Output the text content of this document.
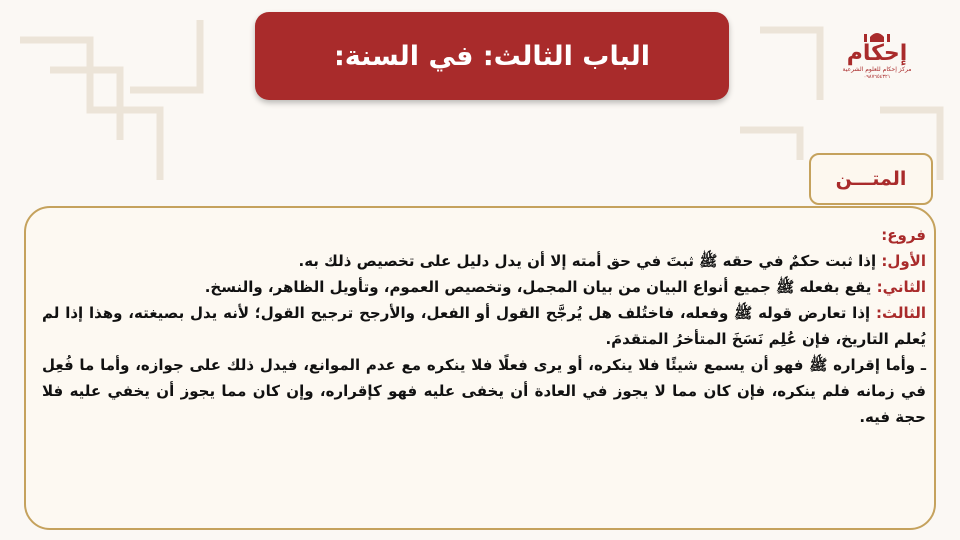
الباب الثالث: في السنة:	إحكام
مركز إحكام للعلوم الشرعية
٠٩٨٧٦٥٤٣٢١
المتـــن

فروع:

الأول: إذا ثبت حكمٌ في حقه ﷺ ثبتَ في حق أمته إلا أن يدل دليل على تخصيص ذلك به.

الثاني: يقع بفعله ﷺ جميع أنواع البيان من بيان المجمل، وتخصيص العموم، وتأويل الظاهر، والنسخ.

الثالث: إذا تعارض قوله ﷺ وفعله، فاختُلف هل يُرجَّح القول أو الفعل، والأرجح ترجيح القول؛ لأنه يدل بصيغته، وهذا إذا لم يُعلم التاريخ، فإن عُلِم نَسَخَ المتأخرُ المتقدمَ.

ـ وأما إقراره ﷺ فهو أن يسمع شيئًا فلا ينكره، أو يرى فعلًا فلا ينكره مع عدم الموانع، فيدل ذلك على جوازه، وأما ما فُعِل في زمانه فلم ينكره، فإن كان مما لا يجوز في العادة أن يخفى عليه فهو كإقراره، وإن كان مما يجوز أن يخفي عليه فلا حجة فيه.
